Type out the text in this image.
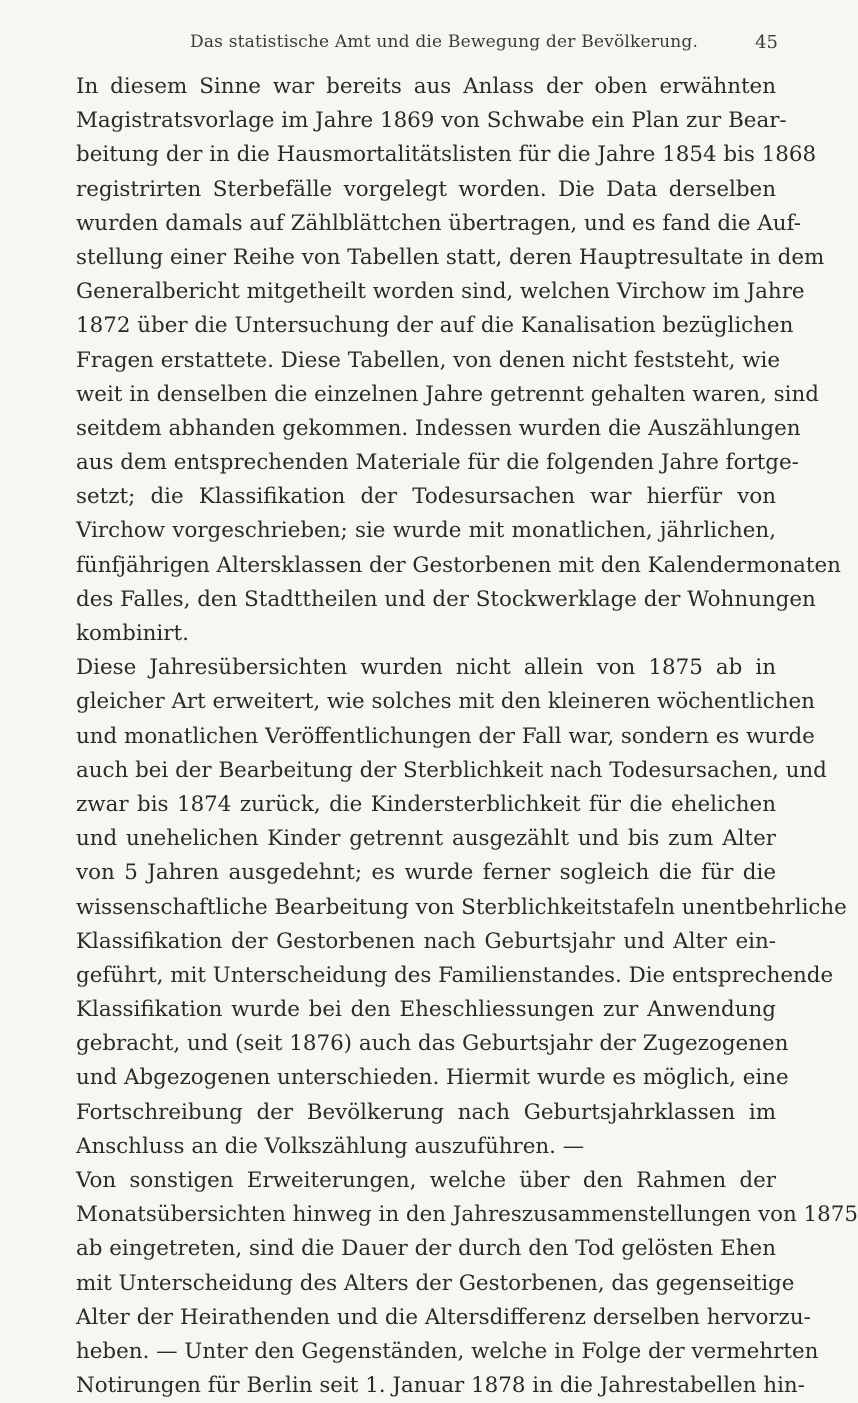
Das statistische Amt und die Bewegung der Bevölkerung.	45
In diesem Sinne war bereits aus Anlass der oben erwähnten
Magistratsvorlage im Jahre 1869 von Schwabe ein Plan zur Bear-
beitung der in die Hausmortalitätslisten für die Jahre 1854 bis 1868
registrirten Sterbefälle vorgelegt worden. Die Data derselben
wurden damals auf Zählblättchen übertragen, und es fand die Auf-
stellung einer Reihe von Tabellen statt, deren Hauptresultate in dem
Generalbericht mitgetheilt worden sind, welchen Virchow im Jahre
1872 über die Untersuchung der auf die Kanalisation bezüglichen
Fragen erstattete. Diese Tabellen, von denen nicht feststeht, wie
weit in denselben die einzelnen Jahre getrennt gehalten waren, sind
seitdem abhanden gekommen. Indessen wurden die Auszählungen
aus dem entsprechenden Materiale für die folgenden Jahre fortge-
setzt; die Klassifikation der Todesursachen war hierfür von
Virchow vorgeschrieben; sie wurde mit monatlichen, jährlichen,
fünfjährigen Altersklassen der Gestorbenen mit den Kalendermonaten
des Falles, den Stadttheilen und der Stockwerklage der Wohnungen
kombinirt.
Diese Jahresübersichten wurden nicht allein von 1875 ab in
gleicher Art erweitert, wie solches mit den kleineren wöchentlichen
und monatlichen Veröffentlichungen der Fall war, sondern es wurde
auch bei der Bearbeitung der Sterblichkeit nach Todesursachen, und
zwar bis 1874 zurück, die Kindersterblichkeit für die ehelichen
und unehelichen Kinder getrennt ausgezählt und bis zum Alter
von 5 Jahren ausgedehnt; es wurde ferner sogleich die für die
wissenschaftliche Bearbeitung von Sterblichkeitstafeln unentbehrliche
Klassifikation der Gestorbenen nach Geburtsjahr und Alter ein-
geführt, mit Unterscheidung des Familienstandes. Die entsprechende
Klassifikation wurde bei den Eheschliessungen zur Anwendung
gebracht, und (seit 1876) auch das Geburtsjahr der Zugezogenen
und Abgezogenen unterschieden. Hiermit wurde es möglich, eine
Fortschreibung der Bevölkerung nach Geburtsjahrklassen im
Anschluss an die Volkszählung auszuführen. —
Von sonstigen Erweiterungen, welche über den Rahmen der
Monatsübersichten hinweg in den Jahreszusammenstellungen von 1875
ab eingetreten, sind die Dauer der durch den Tod gelösten Ehen
mit Unterscheidung des Alters der Gestorbenen, das gegenseitige
Alter der Heirathenden und die Altersdifferenz derselben hervorzu-
heben. — Unter den Gegenständen, welche in Folge der vermehrten
Notirungen für Berlin seit 1. Januar 1878 in die Jahrestabellen hin-
